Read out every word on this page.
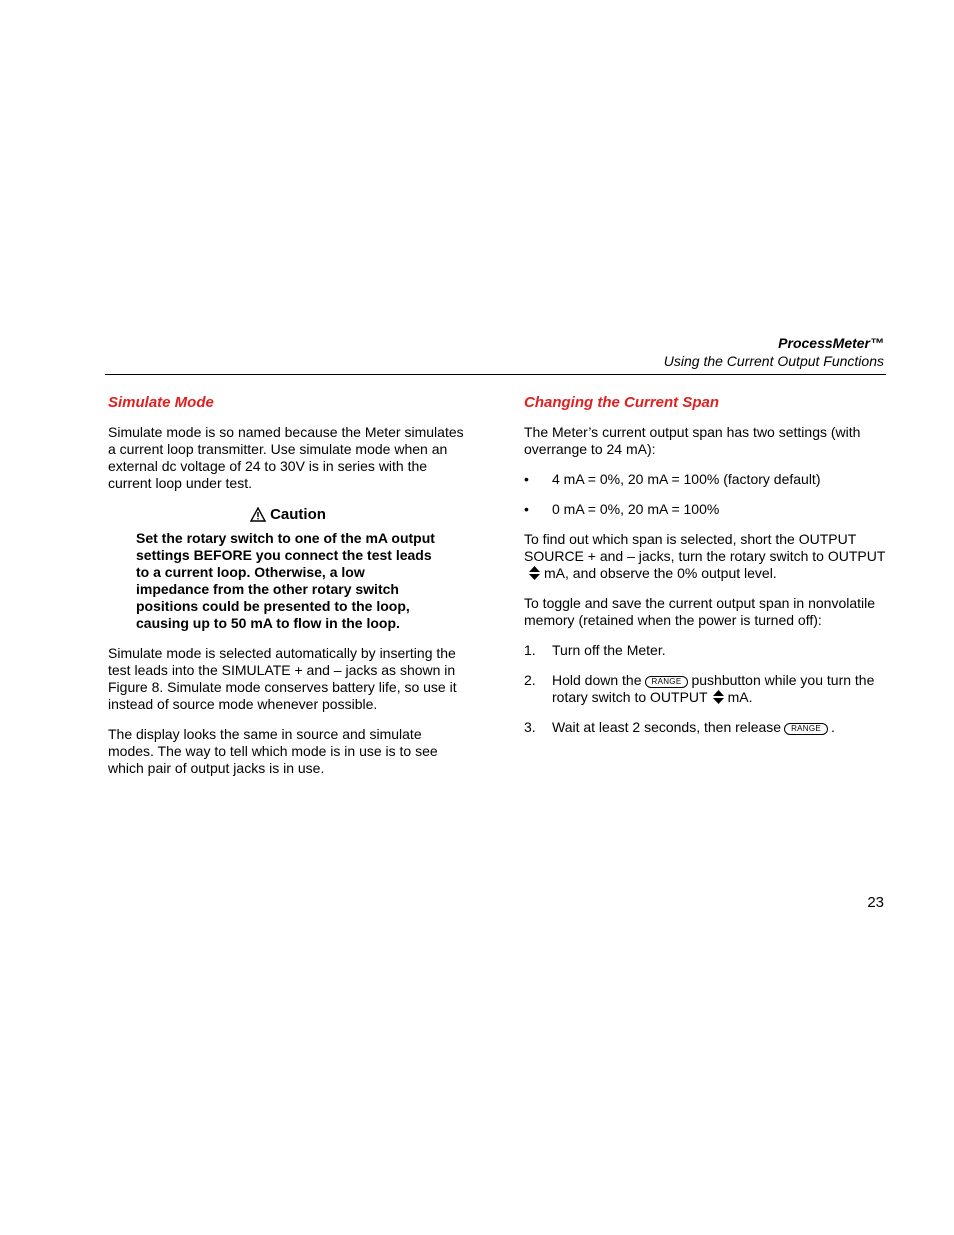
ProcessMeter™
Using the Current Output Functions
Simulate Mode

Simulate mode is so named because the Meter simulates a current loop transmitter. Use simulate mode when an external dc voltage of 24 to 30V is in series with the current loop under test.

Caution
Set the rotary switch to one of the mA output settings BEFORE you connect the test leads to a current loop. Otherwise, a low impedance from the other rotary switch positions could be presented to the loop, causing up to 50 mA to flow in the loop.

Simulate mode is selected automatically by inserting the test leads into the SIMULATE + and – jacks as shown in Figure 8. Simulate mode conserves battery life, so use it instead of source mode whenever possible.

The display looks the same in source and simulate modes. The way to tell which mode is in use is to see which pair of output jacks is in use.

Changing the Current Span

The Meter’s current output span has two settings (with overrange to 24 mA):

•	4 mA = 0%, 20 mA = 100% (factory default)
•	0 mA = 0%, 20 mA = 100%

To find out which span is selected, short the OUTPUT SOURCE + and – jacks, turn the rotary switch to OUTPUTmA, and observe the 0% output level.

To toggle and save the current output span in nonvolatile memory (retained when the power is turned off):

1.	Turn off the Meter.
2.	Hold down the RANGE pushbutton while you turn the rotary switch to OUTPUT mA.
3.	Wait at least 2 seconds, then release RANGE .
23
